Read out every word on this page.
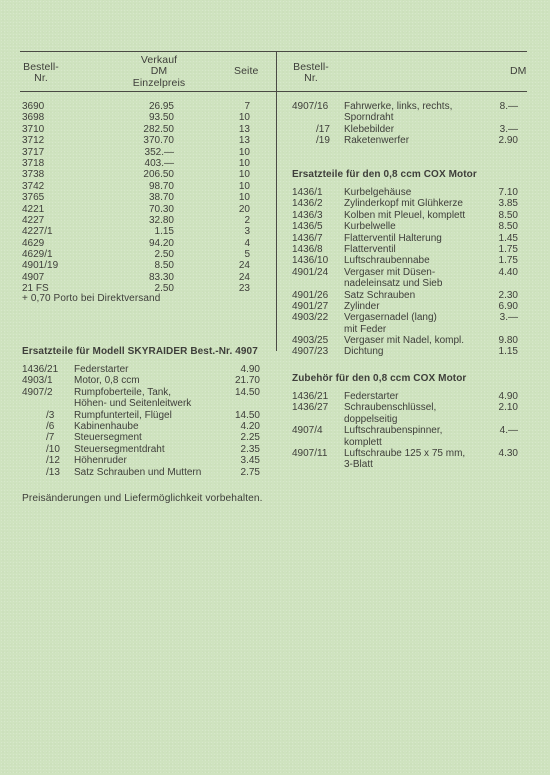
Bestell-
Nr.
Verkauf
DM
Einzelpreis
Seite	Bestell-
Nr.
DM
3690	26.95	7
3698	93.50	10
3710	282.50	13
3712	370.70	13
3717	352.—	10
3718	403.—	10
3738	206.50	10
3742	98.70	10
3765	38.70	10
4221	70.30	20
4227	32.80	2
4227/1	1.15	3
4629	94.20	4
4629/1	2.50	5
4901/19	8.50	24
4907	83.30	24
21 FS	2.50	23
+ 0,70 Porto bei Direktversand
Ersatzteile für Modell SKYRAIDER Best.-Nr. 4907
1436/21 Federstarter	4.90
4903/1 Motor, 0,8 ccm	21.70
4907/2 Rumpfoberteile, Tank,	14.50
Höhen- und Seitenleitwerk
/3 Rumpfunterteil, Flügel	14.50
/6 Kabinenhaube	4.20
/7 Steuersegment	2.25
/10 Steuersegmentdraht	2.35
/12 Höhenruder	3.45
/13 Satz Schrauben und Muttern	2.75
4907/16 Fahrwerke, links, rechts,	8.—
Sporndraht
/17 Klebebilder	3.—
/19 Raketenwerfer	2.90
Ersatzteile für den 0,8 ccm COX Motor
1436/1 Kurbelgehäuse	7.10
1436/2 Zylinderkopf mit Glühkerze	3.85
1436/3 Kolben mit Pleuel, komplett	8.50
1436/5 Kurbelwelle	8.50
1436/7 Flatterventil Halterung	1.45
1436/8 Flatterventil	1.75
1436/10 Luftschraubennabe	1.75
4901/24 Vergaser mit Düsen-	4.40
nadeleinsatz und Sieb
4901/26 Satz Schrauben	2.30
4901/27 Zylinder	6.90
4903/22 Vergasernadel (lang)	3.—
mit Feder
4903/25 Vergaser mit Nadel, kompl.	9.80
4907/23 Dichtung	1.15
Zubehör für den 0,8 ccm COX Motor
1436/21 Federstarter	4.90
1436/27 Schraubenschlüssel,	2.10
doppelseitig
4907/4 Luftschraubenspinner,	4.—
komplett
4907/11 Luftschraube 125 x 75 mm,	4.30
3-Blatt
Preisänderungen und Liefermöglichkeit vorbehalten.
